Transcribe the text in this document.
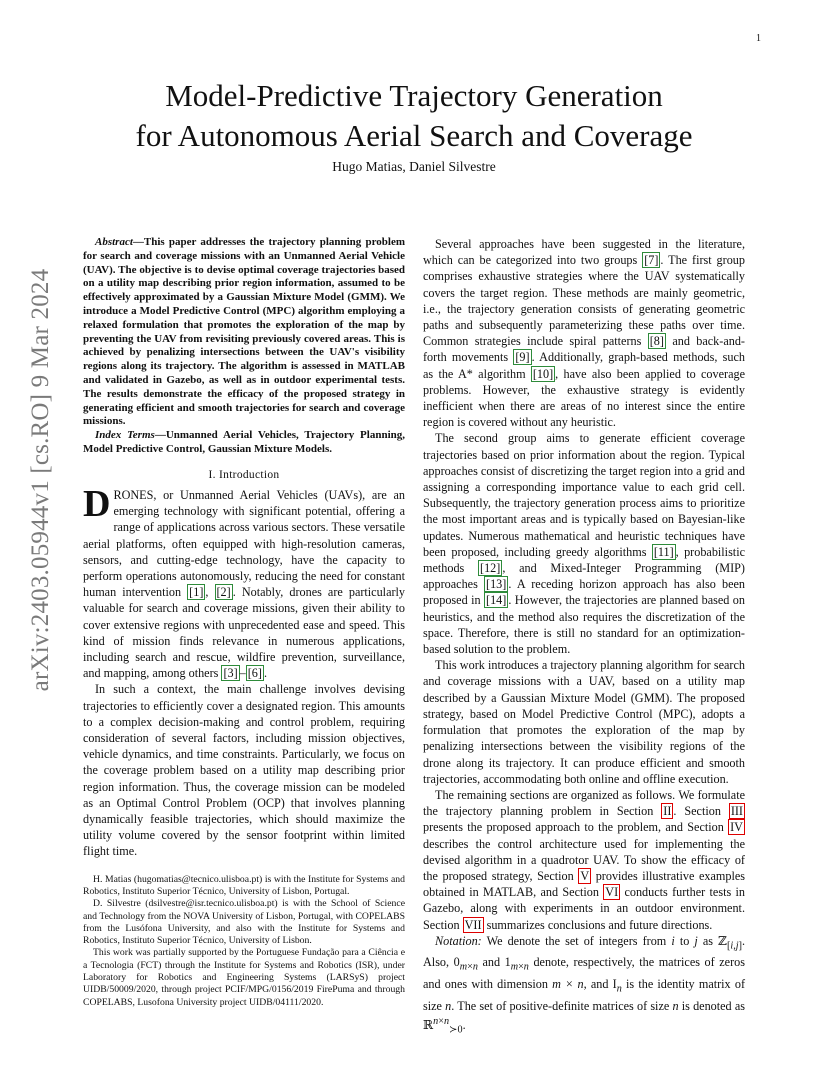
1
arXiv:2403.05944v1 [cs.RO] 9 Mar 2024
Model-Predictive Trajectory Generation
for Autonomous Aerial Search and Coverage
Hugo Matias, Daniel Silvestre

Abstract—This paper addresses the trajectory planning problem for search and coverage missions with an Unmanned Aerial Vehicle (UAV). The objective is to devise optimal coverage trajectories based on a utility map describing prior region information, assumed to be effectively approximated by a Gaussian Mixture Model (GMM). We introduce a Model Predictive Control (MPC) algorithm employing a relaxed formulation that promotes the exploration of the map by preventing the UAV from revisiting previously covered areas. This is achieved by penalizing intersections between the UAV's visibility regions along its trajectory. The algorithm is assessed in MATLAB and validated in Gazebo, as well as in outdoor experimental tests. The results demonstrate the efficacy of the proposed strategy in generating efficient and smooth trajectories for search and coverage missions.

Index Terms—Unmanned Aerial Vehicles, Trajectory Planning, Model Predictive Control, Gaussian Mixture Models.

I. Introduction

DRONES, or Unmanned Aerial Vehicles (UAVs), are an emerging technology with significant potential, offering a range of applications across various sectors. These versatile aerial platforms, often equipped with high-resolution cameras, sensors, and cutting-edge technology, have the capacity to perform operations autonomously, reducing the need for constant human intervention [1] , [2] . Notably, drones are particularly valuable for search and coverage missions, given their ability to cover extensive regions with unprecedented ease and speed. This kind of mission finds relevance in numerous applications, including search and rescue, wildfire prevention, surveillance, and mapping, among others [3] – [6] .

In such a context, the main challenge involves devising trajectories to efficiently cover a designated region. This amounts to a complex decision-making and control problem, requiring consideration of several factors, including mission objectives, vehicle dynamics, and time constraints. Particularly, we focus on the coverage problem based on a utility map describing prior region information. Thus, the coverage mission can be modeled as an Optimal Control Problem (OCP) that involves planning dynamically feasible trajectories, which should maximize the utility volume covered by the sensor footprint within limited flight time.

H. Matias (hugomatias@tecnico.ulisboa.pt) is with the Institute for Systems and Robotics, Instituto Superior Técnico, University of Lisbon, Portugal.

D. Silvestre (dsilvestre@isr.tecnico.ulisboa.pt) is with the School of Science and Technology from the NOVA University of Lisbon, Portugal, with COPELABS from the Lusófona University, and also with the Institute for Systems and Robotics, Instituto Superior Técnico, University of Lisbon.

This work was partially supported by the Portuguese Fundação para a Ciência e a Tecnologia (FCT) through the Institute for Systems and Robotics (ISR), under Laboratory for Robotics and Engineering Systems (LARSyS) project UIDB/50009/2020, through project PCIF/MPG/0156/2019 FirePuma and through COPELABS, Lusofona University project UIDB/04111/2020.

Several approaches have been suggested in the literature, which can be categorized into two groups [7] . The first group comprises exhaustive strategies where the UAV systematically covers the target region. These methods are mainly geometric, i.e., the trajectory generation consists of generating geometric paths and subsequently parameterizing these paths over time. Common strategies include spiral patterns [8] and back-and-forth movements [9] . Additionally, graph-based methods, such as the A* algorithm [10] , have also been applied to coverage problems. However, the exhaustive strategy is evidently inefficient when there are areas of no interest since the entire region is covered without any heuristic.

The second group aims to generate efficient coverage trajectories based on prior information about the region. Typical approaches consist of discretizing the target region into a grid and assigning a corresponding importance value to each grid cell. Subsequently, the trajectory generation process aims to prioritize the most important areas and is typically based on Bayesian-like updates. Numerous mathematical and heuristic techniques have been proposed, including greedy algorithms [11] , probabilistic methods [12] , and Mixed-Integer Programming (MIP) approaches [13] . A receding horizon approach has also been proposed in [14] . However, the trajectories are planned based on heuristics, and the method also requires the discretization of the space. Therefore, there is still no standard for an optimization-based solution to the problem.

This work introduces a trajectory planning algorithm for search and coverage missions with a UAV, based on a utility map described by a Gaussian Mixture Model (GMM). The proposed strategy, based on Model Predictive Control (MPC), adopts a formulation that promotes the exploration of the map by penalizing intersections between the visibility regions of the drone along its trajectory. It can produce efficient and smooth trajectories, accommodating both online and offline execution.

The remaining sections are organized as follows. We formulate the trajectory planning problem in Section II . Section III presents the proposed approach to the problem, and Section IV describes the control architecture used for implementing the devised algorithm in a quadrotor UAV. To show the efficacy of the proposed strategy, Section V provides illustrative examples obtained in MATLAB, and Section VI conducts further tests in Gazebo, along with experiments in an outdoor environment. Section VII summarizes conclusions and future directions.

Notation: We denote the set of integers from i to j as ℤ$_{[i,j]}$. Also, $0_{m\times n}$ and $1_{m\times n}$ denote, respectively, the matrices of zeros and ones with dimension m × n, and $I_n$ is the identity matrix of size n. The set of positive-definite matrices of size n is denoted as ℝ$^{n\times n}_{≻0}$.
